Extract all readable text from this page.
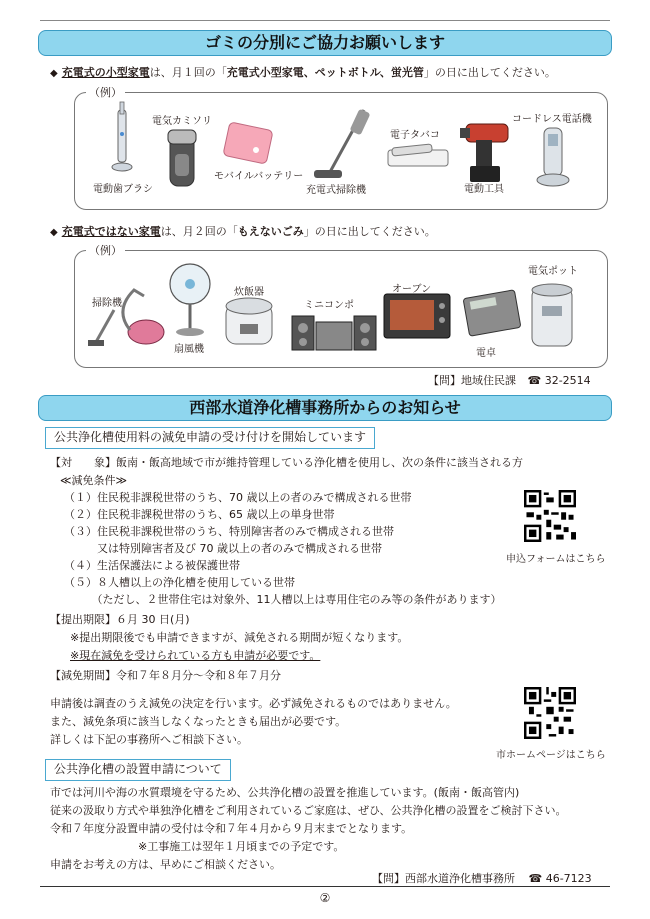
ゴミの分別にご協力お願いします
◆ 充電式の小型家電は、月１回の「充電式小型家電、ペットボトル、蛍光管」の日に出してください。
（例）
電動歯ブラシ
電気カミソリ
モバイルバッテリー
充電式掃除機
電子タバコ
電動工具
コードレス電話機
◆ 充電式ではない家電は、月２回の「もえないごみ」の日に出してください。
（例）
掃除機
扇風機
炊飯器
ミニコンポ
オーブン
電卓
電気ポット
【問】地域住民課 ☎ 32-2514
西部水道浄化槽事務所からのお知らせ
公共浄化槽使用料の減免申請の受け付けを開始しています
【対　　象】飯南・飯高地域で市が維持管理している浄化槽を使用し、次の条件に該当される方
≪減免条件≫
（１）住民税非課税世帯のうち、70 歳以上の者のみで構成される世帯
（２）住民税非課税世帯のうち、65 歳以上の単身世帯
（３）住民税非課税世帯のうち、特別障害者のみで構成される世帯
　　　又は特別障害者及び 70 歳以上の者のみで構成される世帯
（４）生活保護法による被保護世帯
（５）８人槽以上の浄化槽を使用している世帯
　　　（ただし、２世帯住宅は対象外、11人槽以上は専用住宅のみ等の条件があります）
申込フォームはこちら
【提出期限】６月 30 日(月)
※提出期限後でも申請できますが、減免される期間が短くなります。
※現在減免を受けられている方も申請が必要です。
【減免期間】令和７年８月分～令和８年７月分
申請後は調査のうえ減免の決定を行います。必ず減免されるものではありません。
また、減免条項に該当しなくなったときも届出が必要です。
詳しくは下記の事務所へご相談下さい。
市ホームページはこちら
公共浄化槽の設置申請について
市では河川や海の水質環境を守るため、公共浄化槽の設置を推進しています。(飯南・飯高管内)
従来の汲取り方式や単独浄化槽をご利用されているご家庭は、ぜひ、公共浄化槽の設置をご検討下さい。
令和７年度分設置申請の受付は令和７年４月から９月末までとなります。
　　　　　　　　※工事施工は翌年１月頃までの予定です。
申請をお考えの方は、早めにご相談ください。
【問】西部水道浄化槽事務所 ☎ 46-7123
②
